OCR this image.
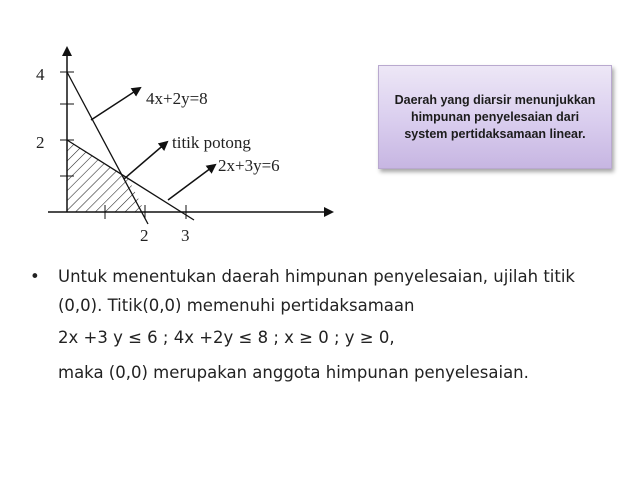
4
2
2 3
4x+2y=8
titik potong
2x+3y=6

Daerah yang diarsir menunjukkan himpunan penyelesaian dari system pertidaksamaan linear.

• Untuk menentukan daerah himpunan penyelesaian, ujilah titik (0,0). Titik(0,0) memenuhi pertidaksamaan

2x +3 y ≤ 6 ; 4x +2y ≤ 8 ; x ≥ 0 ; y ≥ 0,

maka (0,0) merupakan anggota himpunan penyelesaian.
